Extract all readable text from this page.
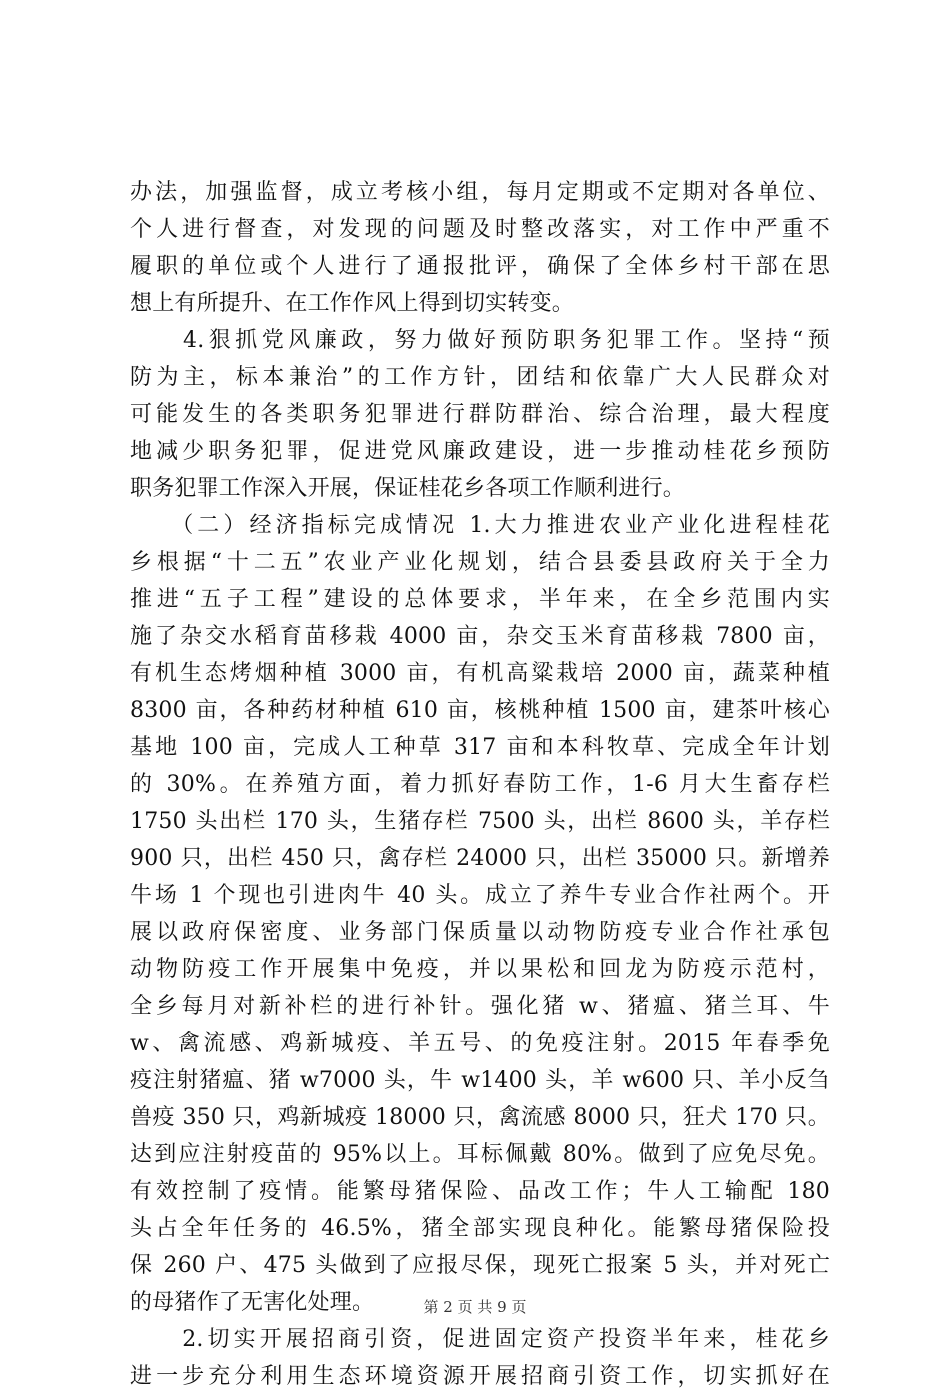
办法，加强监督，成立考核小组，每月定期或不定期对各单位、
个人进行督查，对发现的问题及时整改落实，对工作中严重不
履职的单位或个人进行了通报批评，确保了全体乡村干部在思
想上有所提升、在工作作风上得到切实转变。
　　4.狠抓党风廉政，努力做好预防职务犯罪工作。坚持“预
防为主，标本兼治”的工作方针，团结和依靠广大人民群众对
可能发生的各类职务犯罪进行群防群治、综合治理，最大程度
地减少职务犯罪，促进党风廉政建设，进一步推动桂花乡预防
职务犯罪工作深入开展，保证桂花乡各项工作顺利进行。
　　（二）经济指标完成情况 1.大力推进农业产业化进程桂花
乡根据“十二五”农业产业化规划，结合县委县政府关于全力
推进“五子工程”建设的总体要求，半年来，在全乡范围内实
施了杂交水稻育苗移栽 4000 亩，杂交玉米育苗移栽 7800 亩，
有机生态烤烟种植 3000 亩，有机高粱栽培 2000 亩，蔬菜种植
8300 亩，各种药材种植 610 亩，核桃种植 1500 亩，建茶叶核心
基地 100 亩，完成人工种草 317 亩和本科牧草、完成全年计划
的 30%。在养殖方面，着力抓好春防工作，1-6 月大生畜存栏
1750 头出栏 170 头，生猪存栏 7500 头，出栏 8600 头，羊存栏
900 只，出栏 450 只，禽存栏 24000 只，出栏 35000 只。新增养
牛场 1 个现也引进肉牛 40 头。成立了养牛专业合作社两个。开
展以政府保密度、业务部门保质量以动物防疫专业合作社承包
动物防疫工作开展集中免疫，并以果松和回龙为防疫示范村，
全乡每月对新补栏的进行补针。强化猪 w、猪瘟、猪兰耳、牛
w、禽流感、鸡新城疫、羊五号、的免疫注射。2015 年春季免
疫注射猪瘟、猪 w7000 头，牛 w1400 头，羊 w600 只、羊小反刍
兽疫 350 只，鸡新城疫 18000 只，禽流感 8000 只，狂犬 170 只。
达到应注射疫苗的 95%以上。耳标佩戴 80%。做到了应免尽免。
有效控制了疫情。能繁母猪保险、品改工作；牛人工输配 180
头占全年任务的 46.5%，猪全部实现良种化。能繁母猪保险投
保 260 户、475 头做到了应报尽保，现死亡报案 5 头，并对死亡
的母猪作了无害化处理。
　　2.切实开展招商引资，促进固定资产投资半年来，桂花乡
进一步充分利用生态环境资源开展招商引资工作，切实抓好在
第 2 页 共 9 页
